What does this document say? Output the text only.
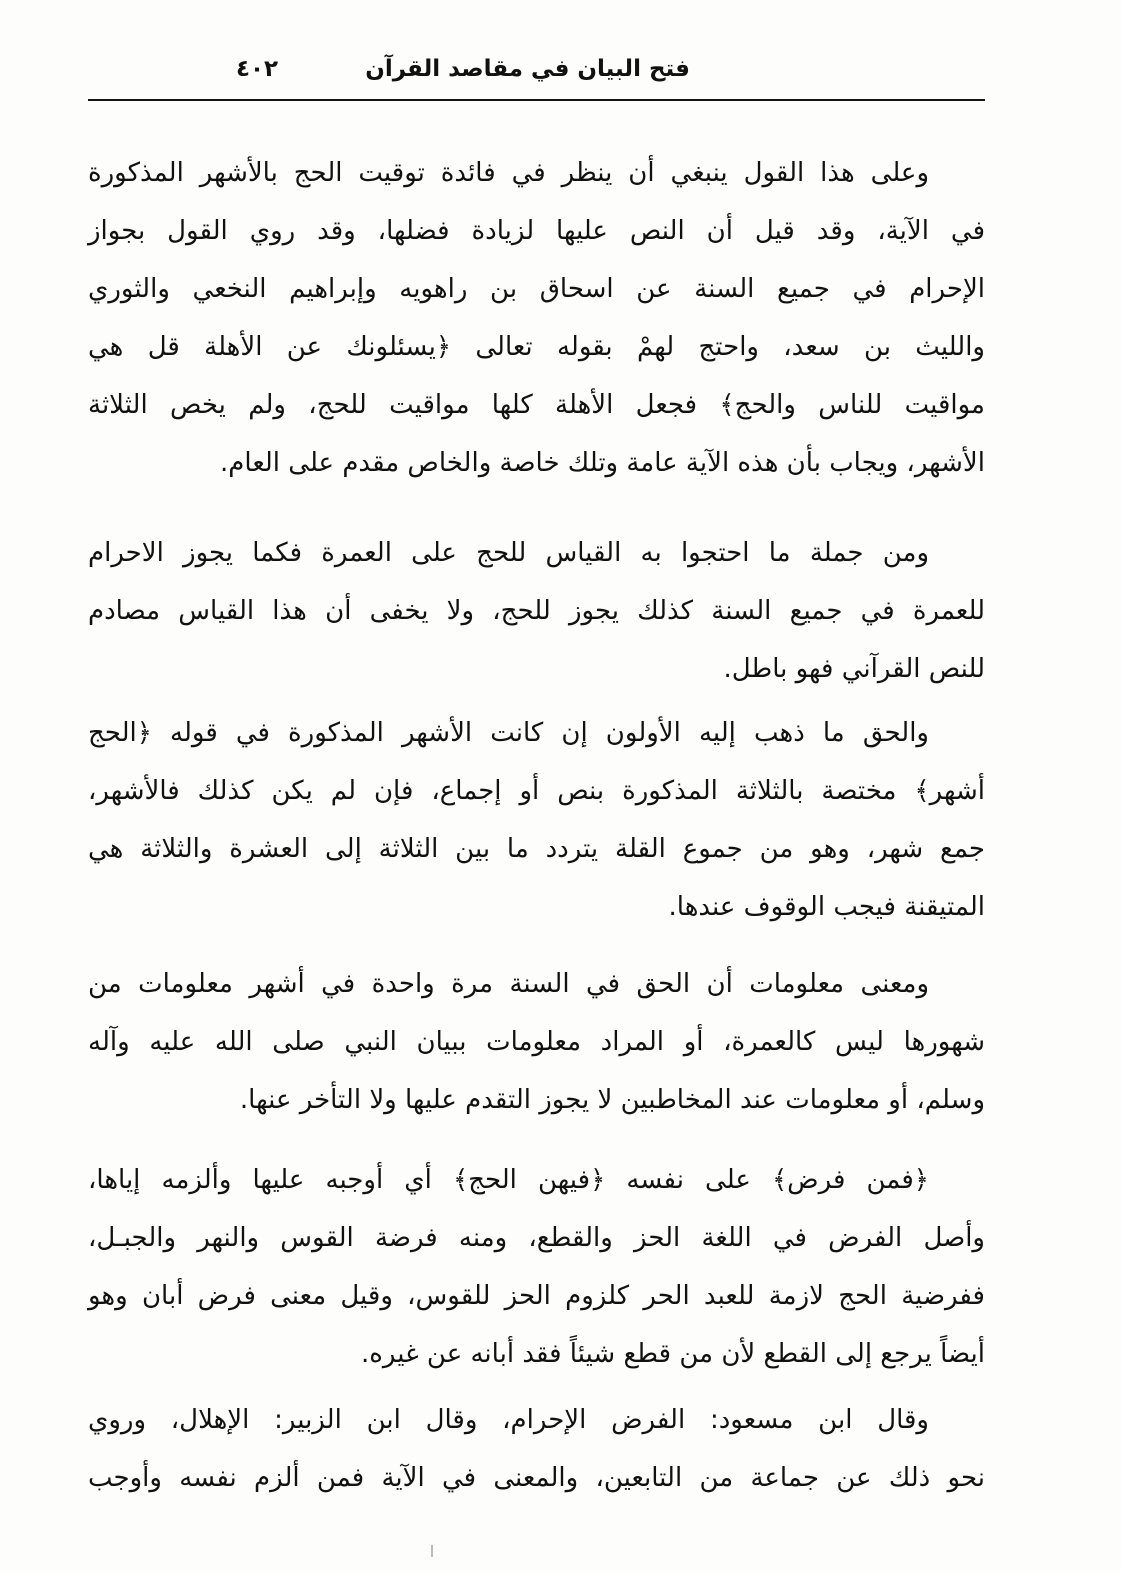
فتح البيان في مقاصد القرآن
٤٠٢
وعلى هذا القول ينبغي أن ينظر في فائدة توقيت الحج بالأشهر المذكورة
في الآية، وقد قيل أن النص عليها لزيادة فضلها، وقد روي القول بجواز
الإحرام في جميع السنة عن اسحاق بن راهويه وإبراهيم النخعي والثوري
والليث بن سعد، واحتج لهمْ بقوله تعالى ﴿يسئلونك عن الأهلة قل هي
مواقيت للناس والحج﴾ فجعل الأهلة كلها مواقيت للحج، ولم يخص الثلاثة
الأشهر، ويجاب بأن هذه الآية عامة وتلك خاصة والخاص مقدم على العام.
ومن جملة ما احتجوا به القياس للحج على العمرة فكما يجوز الاحرام
للعمرة في جميع السنة كذلك يجوز للحج، ولا يخفى أن هذا القياس مصادم
للنص القرآني فهو باطل.
والحق ما ذهب إليه الأولون إن كانت الأشهر المذكورة في قوله ﴿الحج
أشهر﴾ مختصة بالثلاثة المذكورة بنص أو إجماع، فإن لم يكن كذلك فالأشهر،
جمع شهر، وهو من جموع القلة يتردد ما بين الثلاثة إلى العشرة والثلاثة هي
المتيقنة فيجب الوقوف عندها.
ومعنى معلومات أن الحق في السنة مرة واحدة في أشهر معلومات من
شهورها ليس كالعمرة، أو المراد معلومات ببيان النبي صلى الله عليه وآله
وسلم، أو معلومات عند المخاطبين لا يجوز التقدم عليها ولا التأخر عنها.
﴿فمن فرض﴾ على نفسه ﴿فيهن الحج﴾ أي أوجبه عليها وألزمه إياها،
وأصل الفرض في اللغة الحز والقطع، ومنه فرضة القوس والنهر والجبـل،
ففرضية الحج لازمة للعبد الحر كلزوم الحز للقوس، وقيل معنى فرض أبان وهو
أيضاً يرجع إلى القطع لأن من قطع شيئاً فقد أبانه عن غيره.
وقال ابن مسعود: الفرض الإحرام، وقال ابن الزبير: الإهلال، وروي
نحو ذلك عن جماعة من التابعين، والمعنى في الآية فمن ألزم نفسه وأوجب
